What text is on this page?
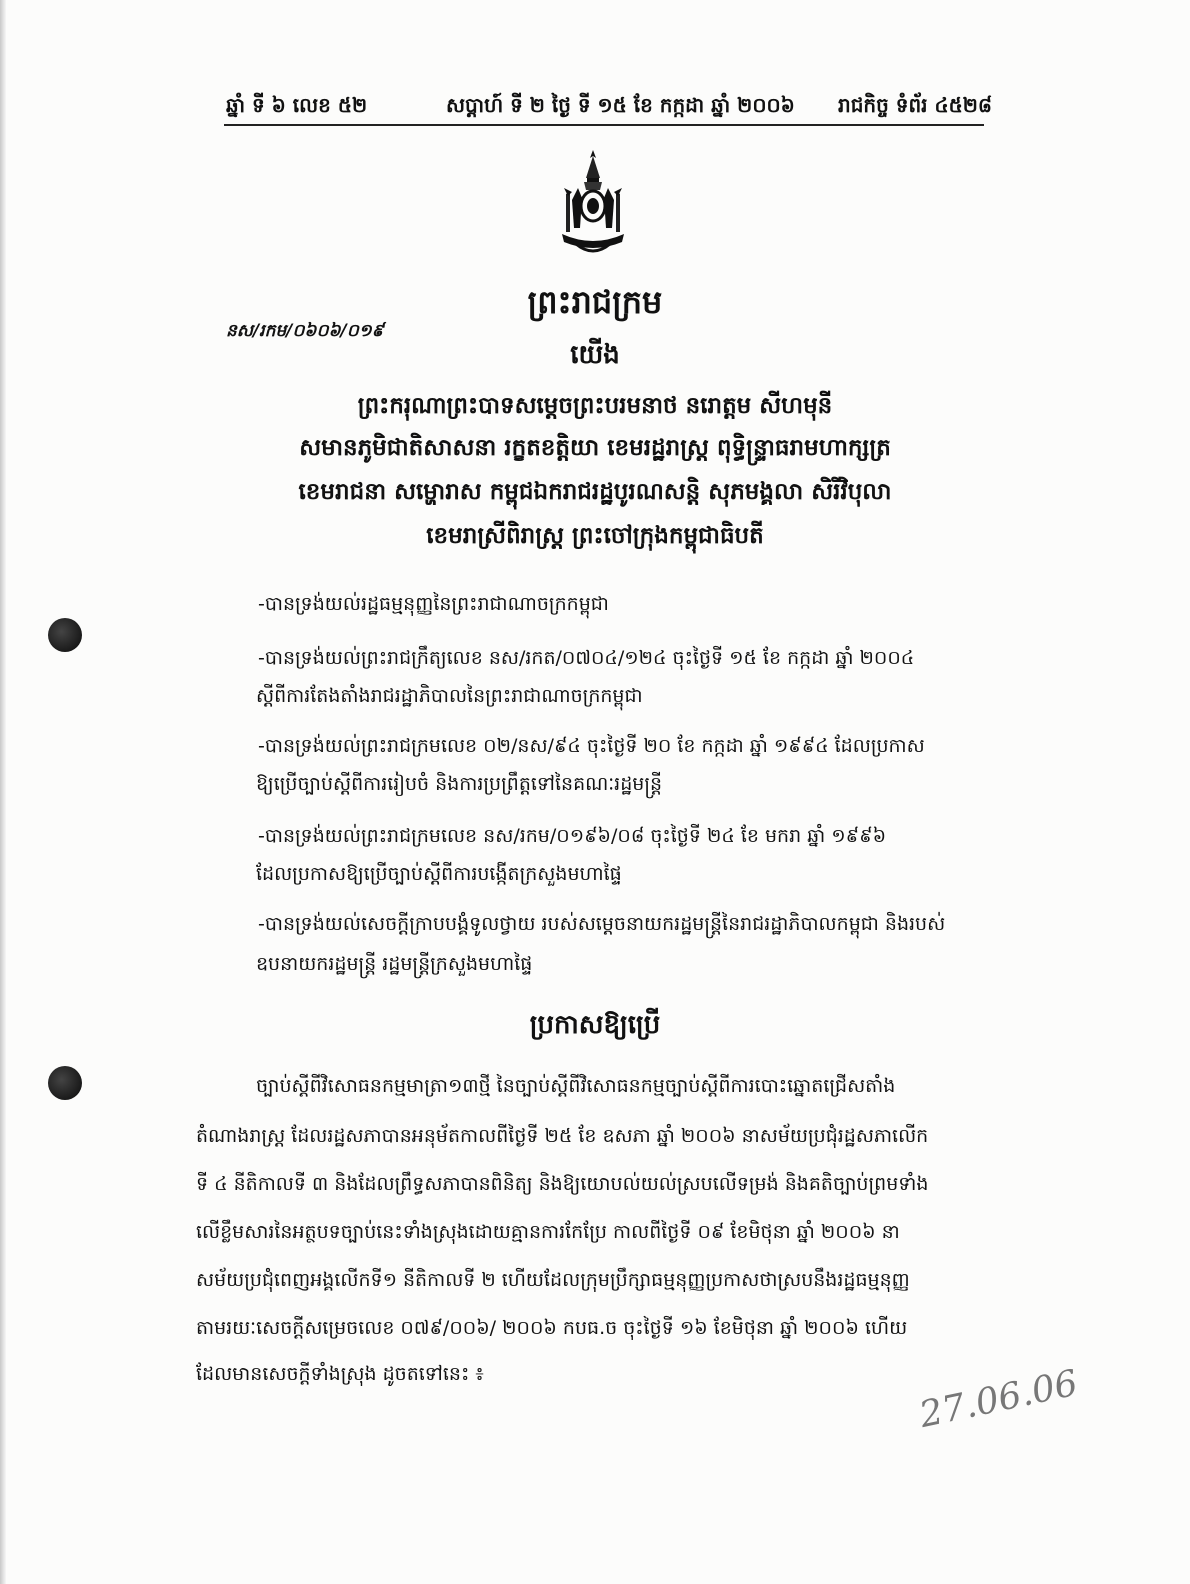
ឆ្នាំ ទី ៦ លេខ ៥២	សប្តាហ៍ ទី ២ ថ្ងៃ ទី ១៥ ខែ កក្កដា ឆ្នាំ ២០០៦ រាជកិច្ច ទំព័រ ៤៥២៨
ព្រះរាជក្រម
នស/រកម/០៦០៦/០១៩
យើង
ព្រះករុណាព្រះបាទសម្តេចព្រះបរមនាថ នរោត្តម សីហមុនី
សមានភូមិជាតិសាសនា រក្ខតខត្តិយា ខេមរដ្ឋរាស្ត្រ ពុទ្ធិន្ទ្រាធរាមហាក្សត្រ
ខេមរាជនា សម្ហោរាស កម្ពុជឯករាជរដ្ឋបូរណសន្តិ សុភមង្គលា សិរីវិបុលា
ខេមរាស្រីពិរាស្ត្រ ព្រះចៅក្រុងកម្ពុជាធិបតី
-បានទ្រង់យល់រដ្ឋធម្មនុញ្ញនៃព្រះរាជាណាចក្រកម្ពុជា
-បានទ្រង់យល់ព្រះរាជក្រឹត្យលេខ នស/រកត/០៧០៤/១២៤ ចុះថ្ងៃទី ១៥ ខែ កក្កដា ឆ្នាំ ២០០៤
ស្តីពីការតែងតាំងរាជរដ្ឋាភិបាលនៃព្រះរាជាណាចក្រកម្ពុជា
-បានទ្រង់យល់ព្រះរាជក្រមលេខ ០២/នស/៩៤ ចុះថ្ងៃទី ២០ ខែ កក្កដា ឆ្នាំ ១៩៩៤ ដែលប្រកាស
ឱ្យប្រើច្បាប់ស្តីពីការរៀបចំ និងការប្រព្រឹត្តទៅនៃគណៈរដ្ឋមន្ត្រី
-បានទ្រង់យល់ព្រះរាជក្រមលេខ នស/រកម/០១៩៦/០៨ ចុះថ្ងៃទី ២៤ ខែ មករា ឆ្នាំ ១៩៩៦
ដែលប្រកាសឱ្យប្រើច្បាប់ស្តីពីការបង្កើតក្រសួងមហាផ្ទៃ
-បានទ្រង់យល់សេចក្តីក្រាបបង្គំទូលថ្វាយ របស់សម្តេចនាយករដ្ឋមន្ត្រីនៃរាជរដ្ឋាភិបាលកម្ពុជា និងរបស់
ឧបនាយករដ្ឋមន្ត្រី រដ្ឋមន្ត្រីក្រសួងមហាផ្ទៃ
ប្រកាសឱ្យប្រើ
ច្បាប់ស្តីពីវិសោធនកម្មមាត្រា១៣ថ្មី នៃច្បាប់ស្តីពីវិសោធនកម្មច្បាប់ស្តីពីការបោះឆ្នោតជ្រើសតាំង
តំណាងរាស្ត្រ ដែលរដ្ឋសភាបានអនុម័តកាលពីថ្ងៃទី ២៥ ខែ ឧសភា ឆ្នាំ ២០០៦ នាសម័យប្រជុំរដ្ឋសភាលើក
ទី ៤ នីតិកាលទី ៣ និងដែលព្រឹទ្ធសភាបានពិនិត្យ និងឱ្យយោបល់យល់ស្របលើទម្រង់ និងគតិច្បាប់ព្រមទាំង
លើខ្លឹមសារនៃអត្ថបទច្បាប់នេះទាំងស្រុងដោយគ្មានការកែប្រែ កាលពីថ្ងៃទី ០៩ ខែមិថុនា ឆ្នាំ ២០០៦ នា
សម័យប្រជុំពេញអង្គលើកទី១ នីតិកាលទី ២ ហើយដែលក្រុមប្រឹក្សាធម្មនុញ្ញប្រកាសថាស្របនឹងរដ្ឋធម្មនុញ្ញ
តាមរយៈសេចក្តីសម្រេចលេខ ០៧៩/០០៦/ ២០០៦ កបធ.ច ចុះថ្ងៃទី ១៦ ខែមិថុនា ឆ្នាំ ២០០៦ ហើយ
ដែលមានសេចក្តីទាំងស្រុង ដូចតទៅនេះ ៖	27.06.06
